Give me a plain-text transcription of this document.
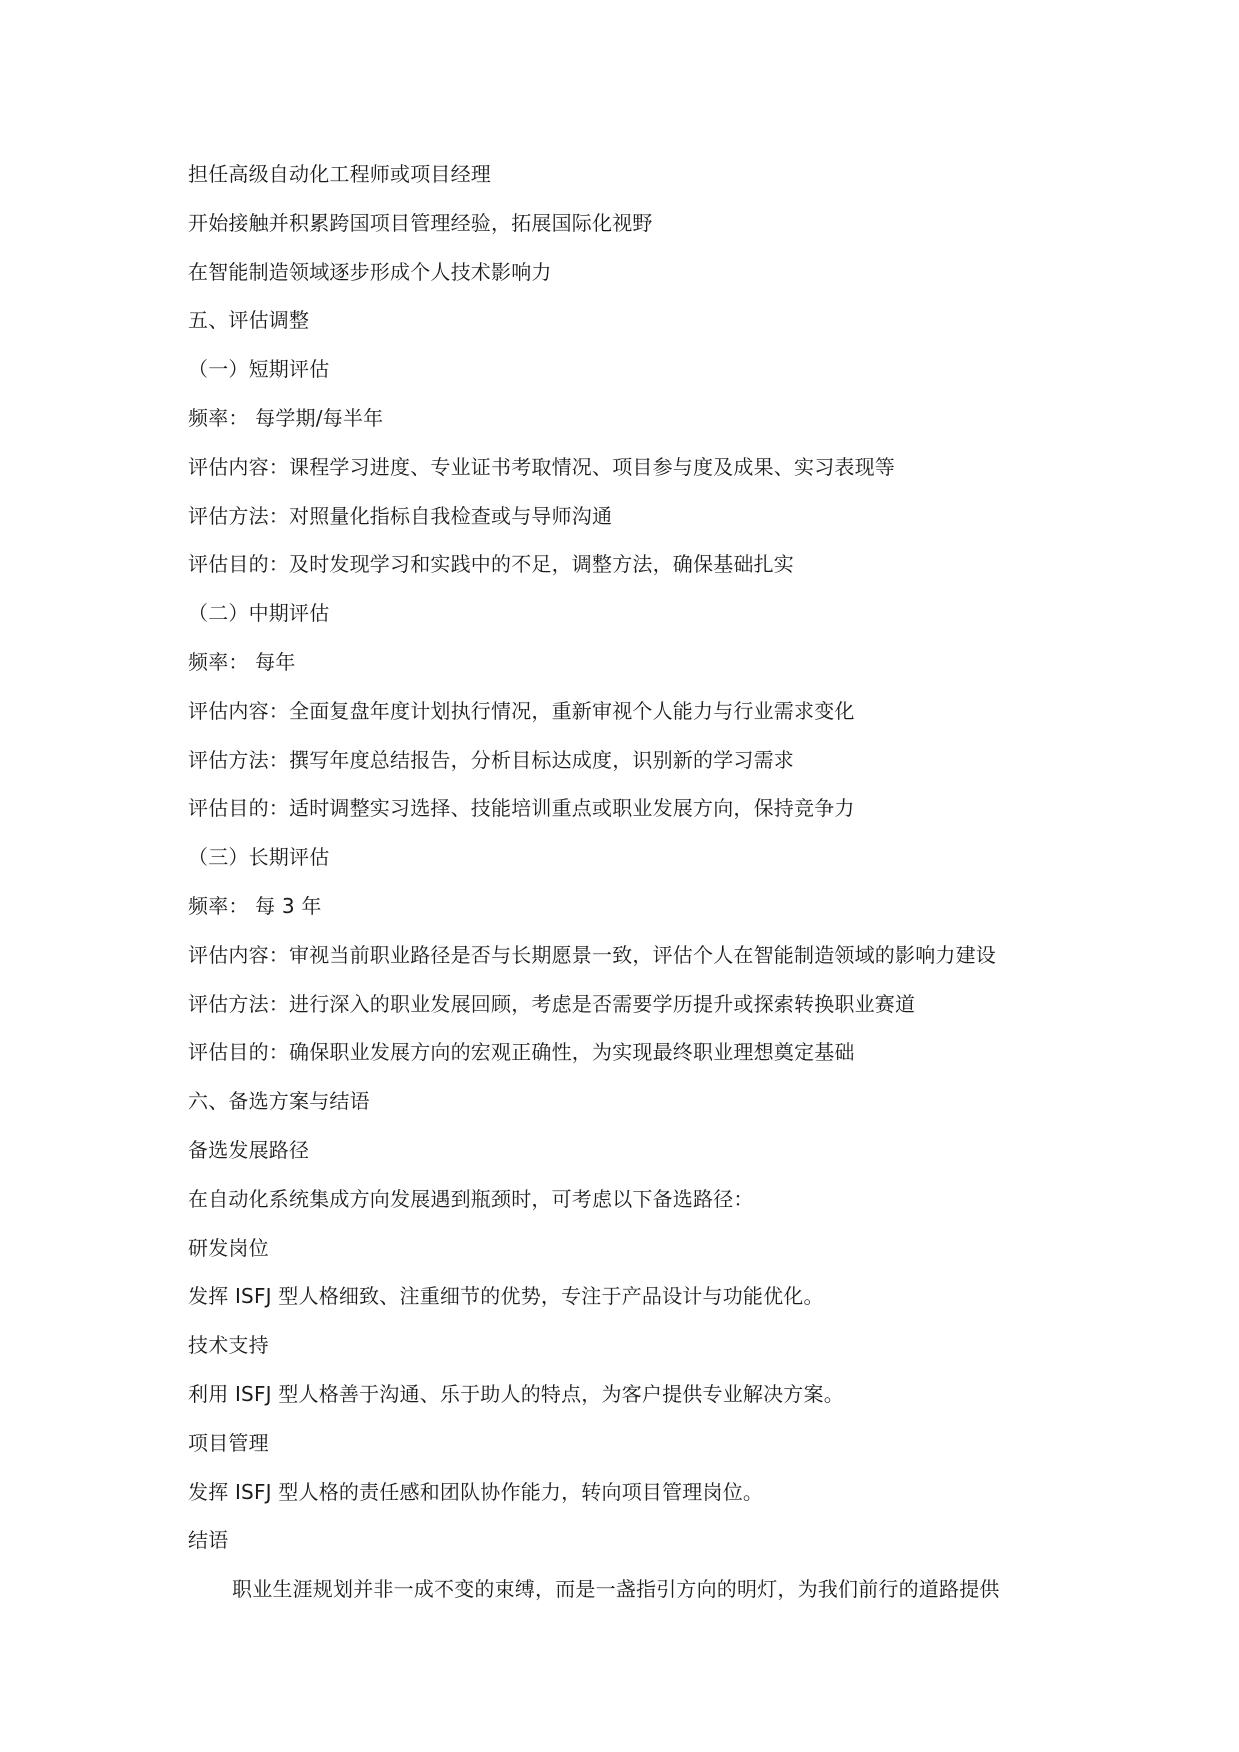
担任高级自动化工程师或项目经理
开始接触并积累跨国项目管理经验，拓展国际化视野
在智能制造领域逐步形成个人技术影响力
五、评估调整
（一）短期评估
频率： 每学期/每半年
评估内容：课程学习进度、专业证书考取情况、项目参与度及成果、实习表现等
评估方法：对照量化指标自我检查或与导师沟通
评估目的：及时发现学习和实践中的不足，调整方法，确保基础扎实
（二）中期评估
频率： 每年
评估内容：全面复盘年度计划执行情况，重新审视个人能力与行业需求变化
评估方法：撰写年度总结报告，分析目标达成度，识别新的学习需求
评估目的：适时调整实习选择、技能培训重点或职业发展方向，保持竞争力
（三）长期评估
频率： 每 3 年
评估内容：审视当前职业路径是否与长期愿景一致，评估个人在智能制造领域的影响力建设
评估方法：进行深入的职业发展回顾，考虑是否需要学历提升或探索转换职业赛道
评估目的：确保职业发展方向的宏观正确性，为实现最终职业理想奠定基础
六、备选方案与结语
备选发展路径
在自动化系统集成方向发展遇到瓶颈时，可考虑以下备选路径：
研发岗位
发挥 ISFJ 型人格细致、注重细节的优势，专注于产品设计与功能优化。
技术支持
利用 ISFJ 型人格善于沟通、乐于助人的特点，为客户提供专业解决方案。
项目管理
发挥 ISFJ 型人格的责任感和团队协作能力，转向项目管理岗位。
结语
职业生涯规划并非一成不变的束缚，而是一盏指引方向的明灯，为我们前行的道路提供
